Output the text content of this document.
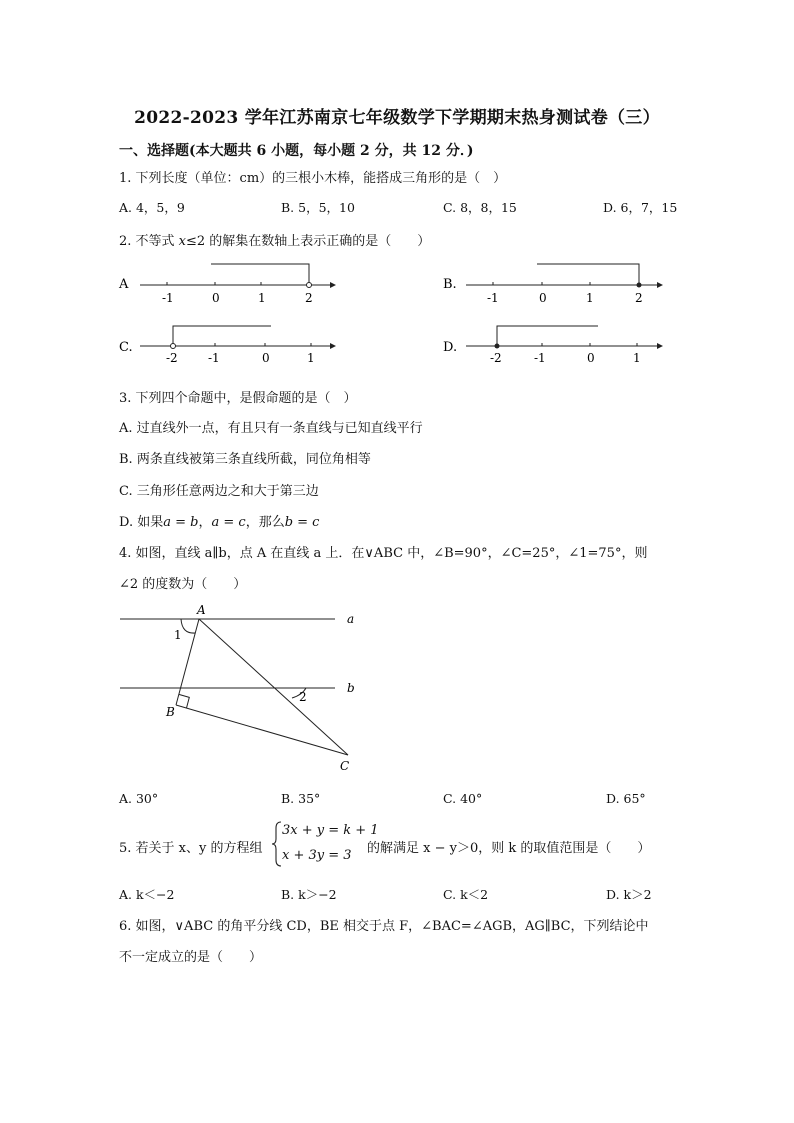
2022-2023 学年江苏南京七年级数学下学期期末热身测试卷（三）
一、选择题(本大题共 6 小题，每小题 2 分，共 12 分．)
1. 下列长度（单位：cm）的三根小木棒，能搭成三角形的是（　）
A. 4，5，9	B. 5，5，10	C. 8，8，15	D. 6，7，15
2. 不等式 x≤2 的解集在数轴上表示正确的是（　　）
A
-1	0	1	2
B.
-1	0	1	2
C.
-2	-1	0	1
D.
-2	-1	0	1
3. 下列四个命题中，是假命题的是（　）
A. 过直线外一点，有且只有一条直线与已知直线平行
B. 两条直线被第三条直线所截，同位角相等
C. 三角形任意两边之和大于第三边
D. 如果a = b，a = c，那么b = c
4. 如图，直线 a∥b，点 A 在直线 a 上．在∨ABC 中，∠B=90°，∠C=25°，∠1=75°，则
∠2 的度数为（　　）
A
B
C
a
b
1
2
A. 30°	B. 35°	C. 40°	D. 65°
5. 若关于 x、y 的方程组
3x + y = k + 1
x + 3y = 3 的解满足 x − y＞0，则 k 的取值范围是（　　）
A. k＜−2	B. k＞−2	C. k＜2	D. k＞2
6. 如图，∨ABC 的角平分线 CD，BE 相交于点 F，∠BAC=∠AGB，AG∥BC，下列结论中
不一定成立的是（　　）
